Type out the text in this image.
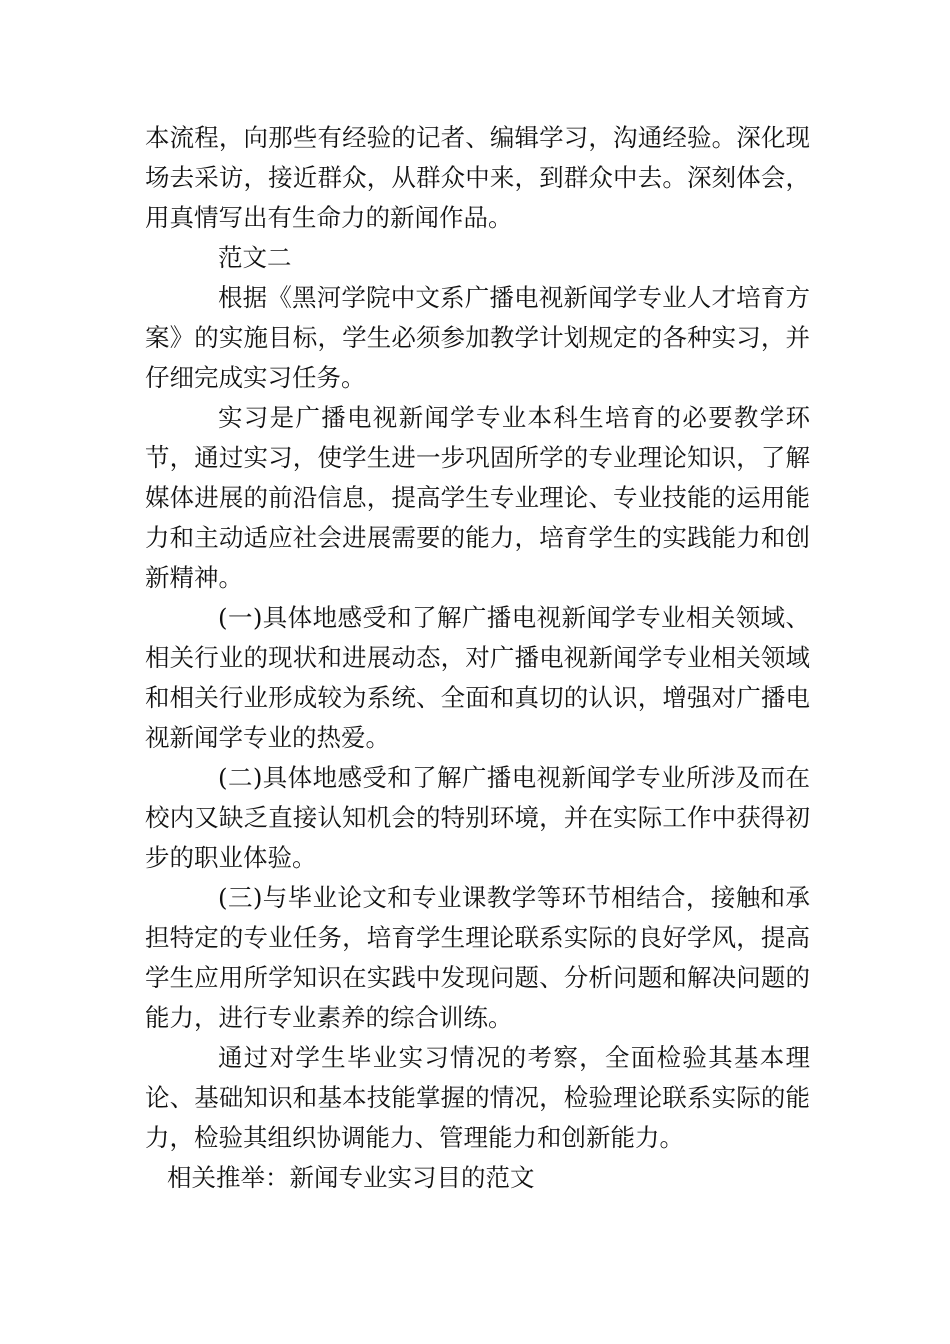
本流程，向那些有经验的记者、编辑学习，沟通经验。深化现场去采访，接近群众，从群众中来，到群众中去。深刻体会，用真情写出有生命力的新闻作品。

范文二

根据《黑河学院中文系广播电视新闻学专业人才培育方案》的实施目标，学生必须参加教学计划规定的各种实习，并仔细完成实习任务。

实习是广播电视新闻学专业本科生培育的必要教学环节，通过实习，使学生进一步巩固所学的专业理论知识，了解媒体进展的前沿信息，提高学生专业理论、专业技能的运用能力和主动适应社会进展需要的能力，培育学生的实践能力和创新精神。

(一)具体地感受和了解广播电视新闻学专业相关领域、相关行业的现状和进展动态，对广播电视新闻学专业相关领域和相关行业形成较为系统、全面和真切的认识，增强对广播电视新闻学专业的热爱。

(二)具体地感受和了解广播电视新闻学专业所涉及而在校内又缺乏直接认知机会的特别环境，并在实际工作中获得初步的职业体验。

(三)与毕业论文和专业课教学等环节相结合，接触和承担特定的专业任务，培育学生理论联系实际的良好学风，提高学生应用所学知识在实践中发现问题、分析问题和解决问题的能力，进行专业素养的综合训练。

通过对学生毕业实习情况的考察，全面检验其基本理论、基础知识和基本技能掌握的情况，检验理论联系实际的能力，检验其组织协调能力、管理能力和创新能力。

相关推举：新闻专业实习目的范文
